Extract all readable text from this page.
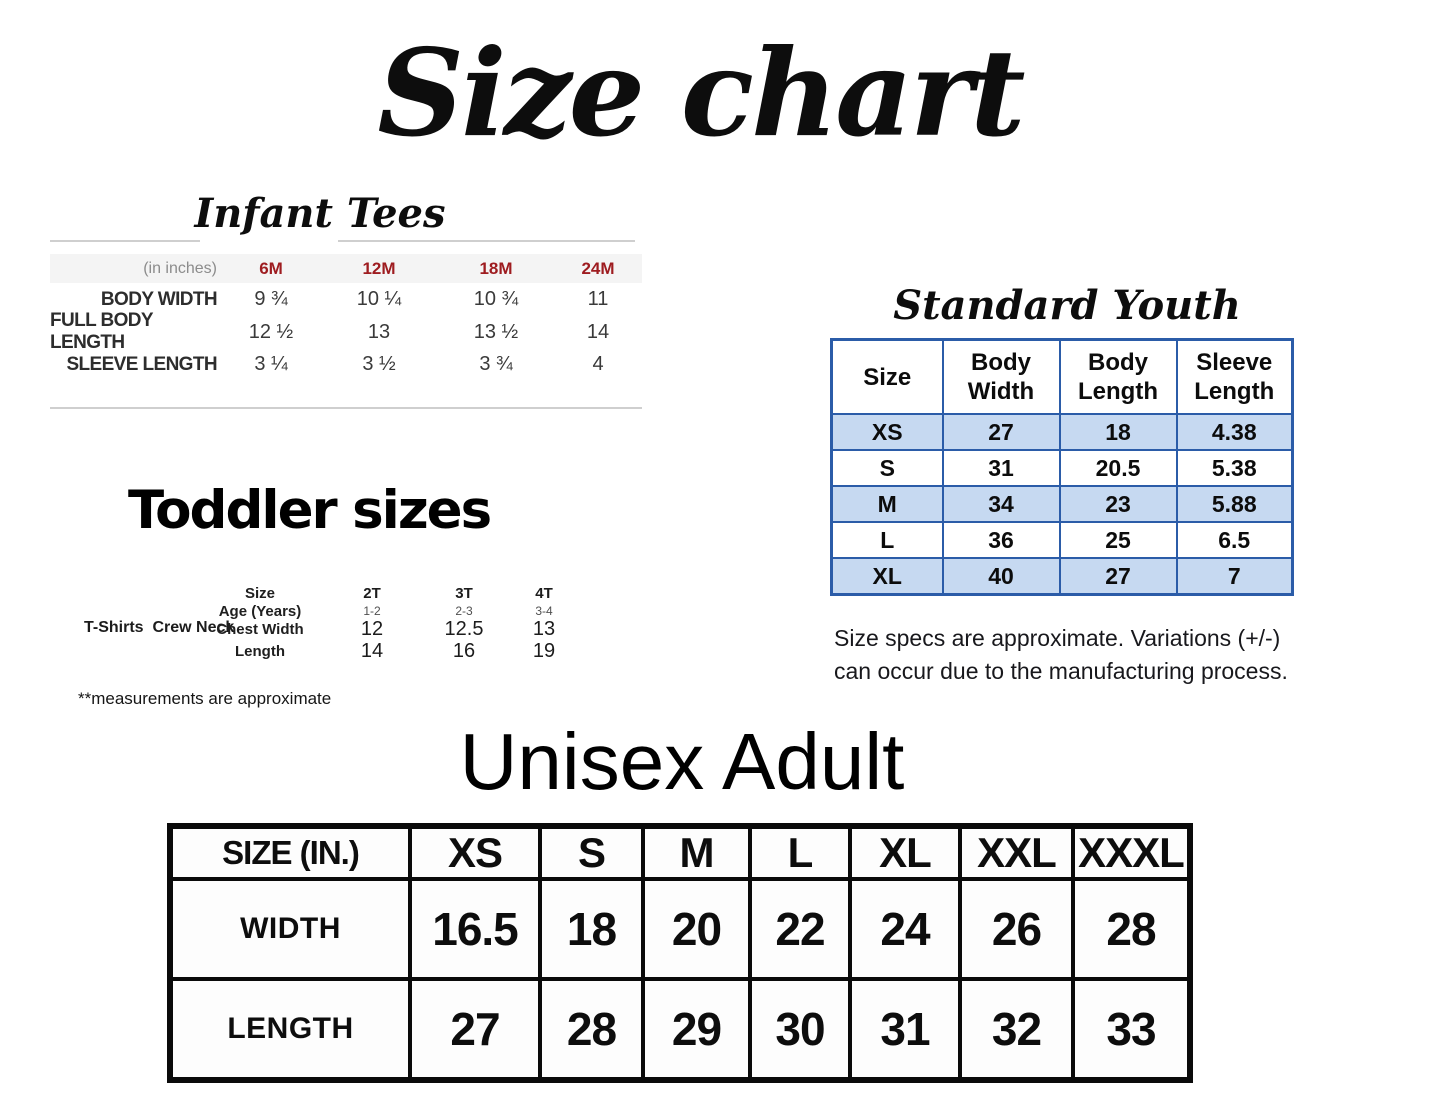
Size chart
Infant Tees
(in inches)	6M	12M	18M	24M
BODY WIDTH	9 ¾	10 ¼	10 ¾	11
FULL BODY LENGTH	12 ½	13	13 ½	14
SLEEVE LENGTH	3 ¼	3 ½	3 ¾	4
Standard Youth
Size	Body Width	Body Length	Sleeve Length
XS	27	18	4.38
S	31	20.5	5.38
M	34	23	5.88
L	36	25	6.5
XL	40	27	7
Size specs are approximate. Variations (+/-)
can occur due to the manufacturing process.
Toddler sizes
T-Shirts  Crew Neck
Size	2T	3T	4T
Age (Years)	1-2	2-3	3-4
Chest Width	12	12.5	13
Length	14	16	19
**measurements are approximate
Unisex Adult
SIZE (IN.)	XS	S	M	L	XL	XXL	XXXL
WIDTH	16.5	18	20	22	24	26	28
LENGTH	27	28	29	30	31	32	33
